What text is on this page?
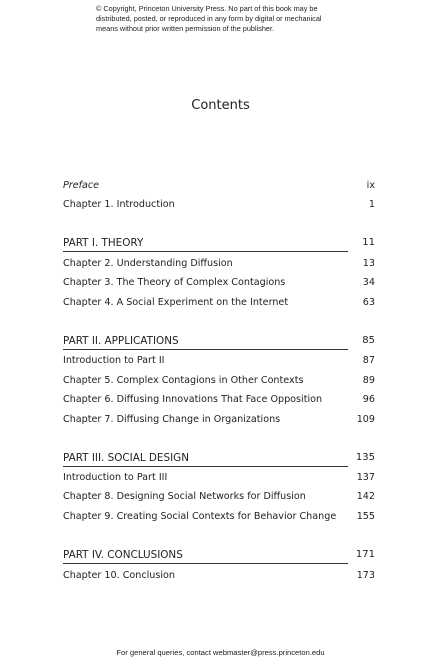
© Copyright, Princeton University Press. No part of this book may be
distributed, posted, or reproduced in any form by digital or mechanical
means without prior written permission of the publisher.
Contents
Preface	ix
Chapter 1. Introduction	1
PART I. THEORY	11
Chapter 2. Understanding Diffusion	13
Chapter 3. The Theory of Complex Contagions	34
Chapter 4. A Social Experiment on the Internet	63
PART II. APPLICATIONS	85
Introduction to Part II	87
Chapter 5. Complex Contagions in Other Contexts	89
Chapter 6. Diffusing Innovations That Face Opposition	96
Chapter 7. Diffusing Change in Organizations	109
PART III. SOCIAL DESIGN	135
Introduction to Part III	137
Chapter 8. Designing Social Networks for Diffusion	142
Chapter 9. Creating Social Contexts for Behavior Change 155
PART IV. CONCLUSIONS	171
Chapter 10. Conclusion	173
For general queries, contact webmaster@press.princeton.edu
